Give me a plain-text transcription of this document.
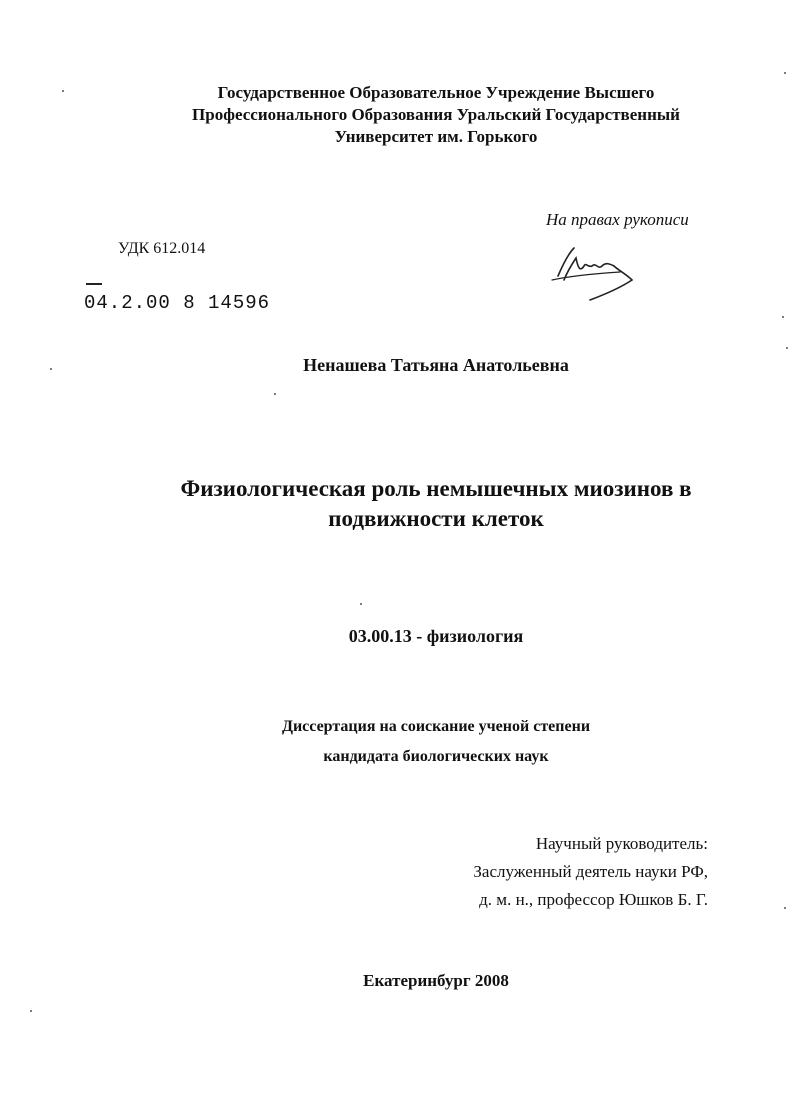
Государственное Образовательное Учреждение Высшего
Профессионального Образования Уральский Государственный
Университет им. Горького
На правах рукописи
УДК 612.014
04.2.00 8 14596
Ненашева Татьяна Анатольевна
Физиологическая роль немышечных миозинов в
подвижности клеток
03.00.13 - физиология
Диссертация на соискание ученой степени
кандидата биологических наук
Научный руководитель:
Заслуженный деятель науки РФ,
д. м. н., профессор Юшков Б. Г.
Екатеринбург 2008
